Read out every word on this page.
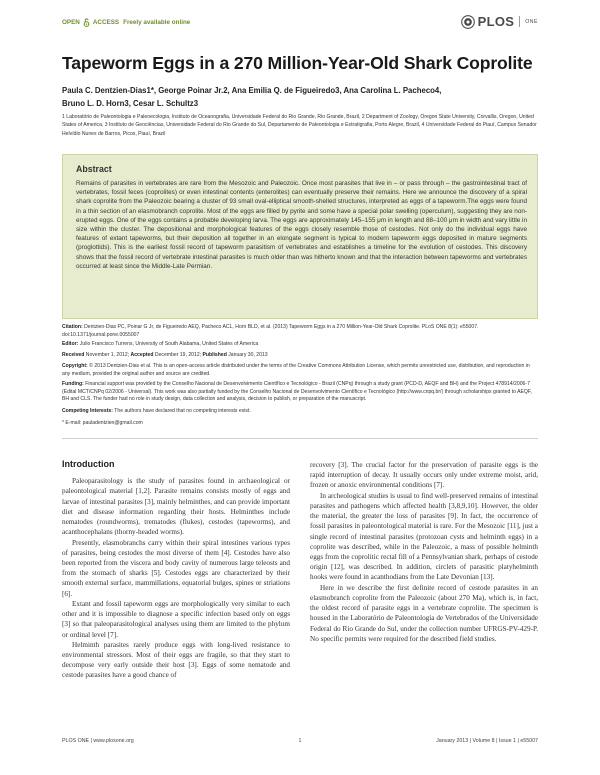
OPEN ACCESS Freely available online	PLOS ONE
Tapeworm Eggs in a 270 Million-Year-Old Shark Coprolite
Paula C. Dentzien-Dias1*, George Poinar Jr.2, Ana Emilia Q. de Figueiredo3, Ana Carolina L. Pacheco4,
Bruno L. D. Horn3, Cesar L. Schultz3
1 Laboratório de Paleontologia e Paleoecologia, Instituto de Oceanografia, Universidade Federal do Rio Grande, Rio Grande, Brazil, 2 Department of Zoology, Oregon State University, Corvallis, Oregon, United States of America, 3 Instituto de Geociências, Universidade Federal do Rio Grande do Sul, Departamento de Paleontologia e Estratigrafia, Porto Alegre, Brazil, 4 Universidade Federal do Piauí, Campus Senador Helvídio Nunes de Barros, Picos, Piauí, Brazil
Abstract
Remains of parasites in vertebrates are rare from the Mesozoic and Paleozoic. Once most parasites that live in – or pass through – the gastrointestinal tract of vertebrates, fossil feces (coprolites) or even intestinal contents (enterolites) can eventually preserve their remains. Here we announce the discovery of a spiral shark coprolite from the Paleozoic bearing a cluster of 93 small oval-elliptical smooth-shelled structures, interpreted as eggs of a tapeworm.The eggs were found in a thin section of an elasmobranch coprolite. Most of the eggs are filled by pyrite and some have a special polar swelling (operculum), suggesting they are non-erupted eggs. One of the eggs contains a probable developing larva. The eggs are approximately 145–155 μm in length and 88–100 μm in width and vary little in size within the cluster. The depositional and morphological features of the eggs closely resemble those of cestodes. Not only do the individual eggs have features of extant tapeworms, but their deposition all together in an elongate segment is typical to modern tapeworm eggs deposited in mature segments (proglottids). This is the earliest fossil record of tapeworm parasitism of vertebrates and establishes a timeline for the evolution of cestodes. This discovery shows that the fossil record of vertebrate intestinal parasites is much older than was hitherto known and that the interaction between tapeworms and vertebrates occurred at least since the Middle-Late Permian.
Citation: Dentzien-Dias PC, Poinar G Jr, de Figueiredo AEQ, Pacheco ACL, Horn BLD, et al. (2013) Tapeworm Eggs in a 270 Million-Year-Old Shark Coprolite. PLoS ONE 8(1): e55007. doi:10.1371/journal.pone.0055007
Editor: Julio Francisco Turrens, University of South Alabama, United States of America
Received November 1, 2012; Accepted December 19, 2012; Published January 30, 2013
Copyright: © 2013 Dentzien-Dias et al. This is an open-access article distributed under the terms of the Creative Commons Attribution License, which permits unrestricted use, distribution, and reproduction in any medium, provided the original author and source are credited.
Funding: Financial support was provided by the Conselho Nacional de Desenvolvimento Científico e Tecnológico - Brazil (CNPq) through a study grant (PCD-D, AEQF and BH) and the Project 478914/2006-7 (Edital MCT/CNPq 02/2006 - Universal). This work was also partially funded by the Conselho Nacional de Desenvolvimento Científico e Tecnológico (http://www.cnpq.br/) through scholarships granted to AEQF, BH and CLS. The funder had no role in study design, data collection and analysis, decision to publish, or preparation of the manuscript.
Competing Interests: The authors have declared that no competing interests exist.
* E-mail: pauladentzien@gmail.com
Introduction

Paleoparasitology is the study of parasites found in archaeological or paleontological material [1,2]. Parasite remains consists mostly of eggs and larvae of intestinal parasites [3], mainly helminthes, and can provide important diet and disease information regarding their hosts. Helminthes include nematodes (roundworms), trematodes (flukes), cestodes (tapeworms), and acanthocephalans (thorny-headed worms).

Presently, elasmobranchs carry within their spiral intestines various types of parasites, being cestodes the most diverse of them [4]. Cestodes have also been reported from the viscera and body cavity of numerous large teleosts and from the stomach of sharks [5]. Cestodes eggs are characterized by their smooth external surface, mammillations, equatorial bulges, spines or striations [6].

Extant and fossil tapeworm eggs are morphologically very similar to each other and it is impossible to diagnose a specific infection based only on eggs [3] so that paleoparasitological analyses using them are limited to the phylum or ordinal level [7].

Helminth parasites rarely produce eggs with long-lived resistance to environmental stressors. Most of their eggs are fragile, so that they start to decompose very early outside their host [3]. Eggs of some nematode and cestode parasites have a good chance of

recovery [3]. The crucial factor for the preservation of parasite eggs is the rapid interruption of decay. It usually occurs only under extreme moist, arid, frozen or anoxic environmental conditions [7].

In archeological studies is usual to find well-preserved remains of intestinal parasites and pathogens which affected health [3,8,9,10]. However, the older the material, the greater the loss of parasites [9]. In fact, the occurrence of fossil parasites in paleontological material is rare. For the Mesozoic [11], just a single record of intestinal parasites (protozoan cysts and helminth eggs) in a coprolite was described, while in the Paleozoic, a mass of possible helminth eggs from the coprolitic rectal fill of a Pennsylvanian shark, perhaps of cestode origin [12], was described. In addition, circlets of parasitic platyhelminth hooks were found in acanthodians from the Late Devonian [13].

Here in we describe the first definite record of cestode parasites in an elasmobranch coprolite from the Paleozoic (about 270 Ma), which is, in fact, the oldest record of parasite eggs in a vertebrate coprolite. The specimen is housed in the Laboratório de Paleontologia de Vertebrados of the Universidade Federal do Rio Grande do Sul, under the collection number UFRGS-PV-429-P. No specific permits were required for the described field studies.

PLOS ONE | www.plosone.org	1	January 2013 | Volume 8 | Issue 1 | e55007
